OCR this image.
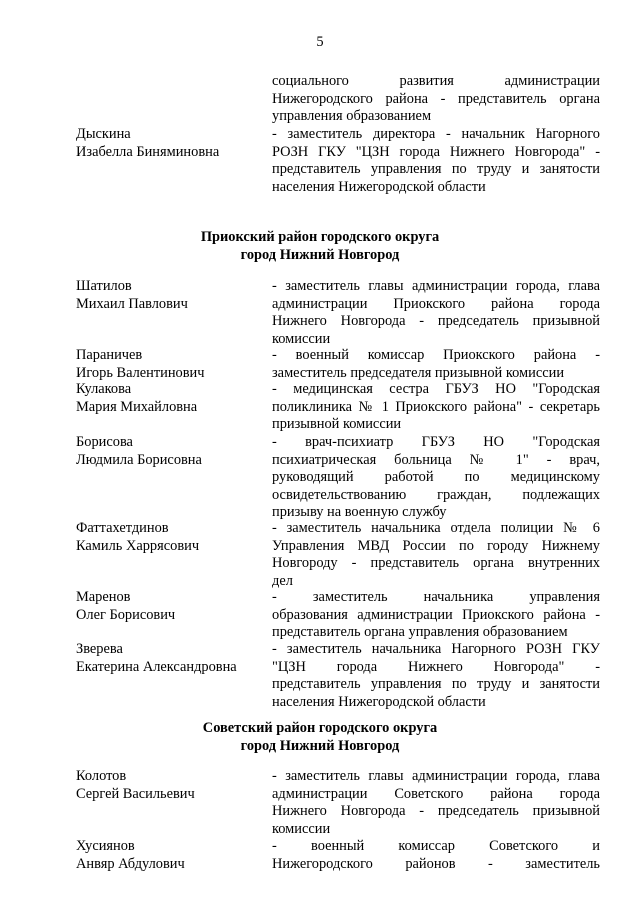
5
социального развития администрации
Нижегородского района - представитель органа
управления образованием
Дыскина
Изабелла Биняминовна
- заместитель директора - начальник Нагорного
РОЗН ГКУ "ЦЗН города Нижнего Новгорода" -
представитель управления по труду и занятости
населения Нижегородской области
Приокский район городского округа
город Нижний Новгород
Шатилов
Михаил Павлович
- заместитель главы администрации города, глава
администрации Приокского района города
Нижнего Новгорода - председатель призывной
комиссии
Параничев
Игорь Валентинович
- военный комиссар Приокского района -
заместитель председателя призывной комиссии
Кулакова
Мария Михайловна
- медицинская сестра ГБУЗ НО "Городская
поликлиника № 1 Приокского района" - секретарь
призывной комиссии
Борисова
Людмила Борисовна
- врач-психиатр ГБУЗ НО "Городская
психиатрическая больница № 1" - врач,
руководящий работой по медицинскому
освидетельствованию граждан, подлежащих
призыву на военную службу
Фаттахетдинов
Камиль Харрясович
- заместитель начальника отдела полиции № 6
Управления МВД России по городу Нижнему
Новгороду - представитель органа внутренних
дел
Маренов
Олег Борисович
- заместитель начальника управления
образования администрации Приокского района -
представитель органа управления образованием
Зверева
Екатерина Александровна
- заместитель начальника Нагорного РОЗН ГКУ
"ЦЗН города Нижнего Новгорода" -
представитель управления по труду и занятости
населения Нижегородской области
Советский район городского округа
город Нижний Новгород
Колотов
Сергей Васильевич
- заместитель главы администрации города, глава
администрации Советского района города
Нижнего Новгорода - председатель призывной
комиссии
Хусиянов
Анвяр Абдулович
- военный комиссар Советского и
Нижегородского районов - заместитель
